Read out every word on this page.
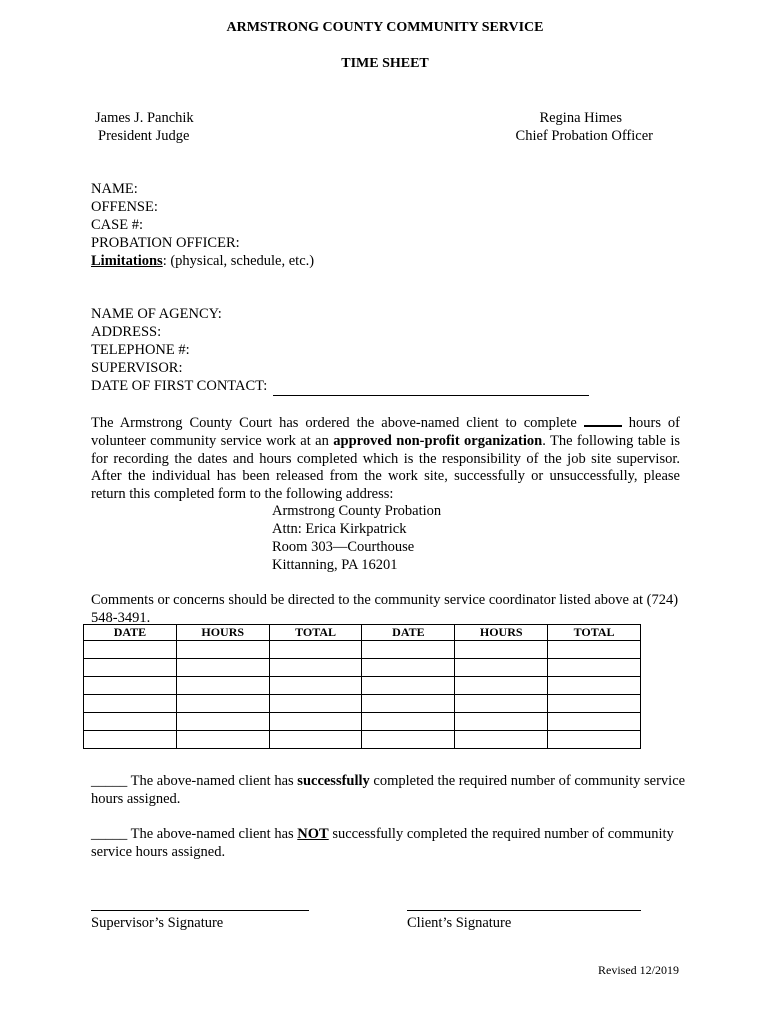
ARMSTRONG COUNTY COMMUNITY SERVICE
TIME SHEET
James J. Panchik
President Judge
Regina Himes
Chief Probation Officer
NAME:
OFFENSE:
CASE #:
PROBATION OFFICER:
Limitations: (physical, schedule, etc.)
NAME OF AGENCY:
ADDRESS:
TELEPHONE #:
SUPERVISOR:
DATE OF FIRST CONTACT:
The Armstrong County Court has ordered the above-named client to complete	hours of volunteer community service work at an approved non-profit organization. The following table is for recording the dates and hours completed which is the responsibility of the job site supervisor. After the individual has been released from the work site, successfully or unsuccessfully, please return this completed form to the following address:
Armstrong County Probation
Attn: Erica Kirkpatrick
Room 303—Courthouse
Kittanning, PA 16201
Comments or concerns should be directed to the community service coordinator listed above at (724) 548-3491.
DATE	HOURS	TOTAL	DATE	HOURS	TOTAL

_____ The above-named client has successfully completed the required number of community service hours assigned.
_____ The above-named client has NOT successfully completed the required number of community service hours assigned.
Supervisor’s Signature	Client’s Signature
Revised 12/2019
